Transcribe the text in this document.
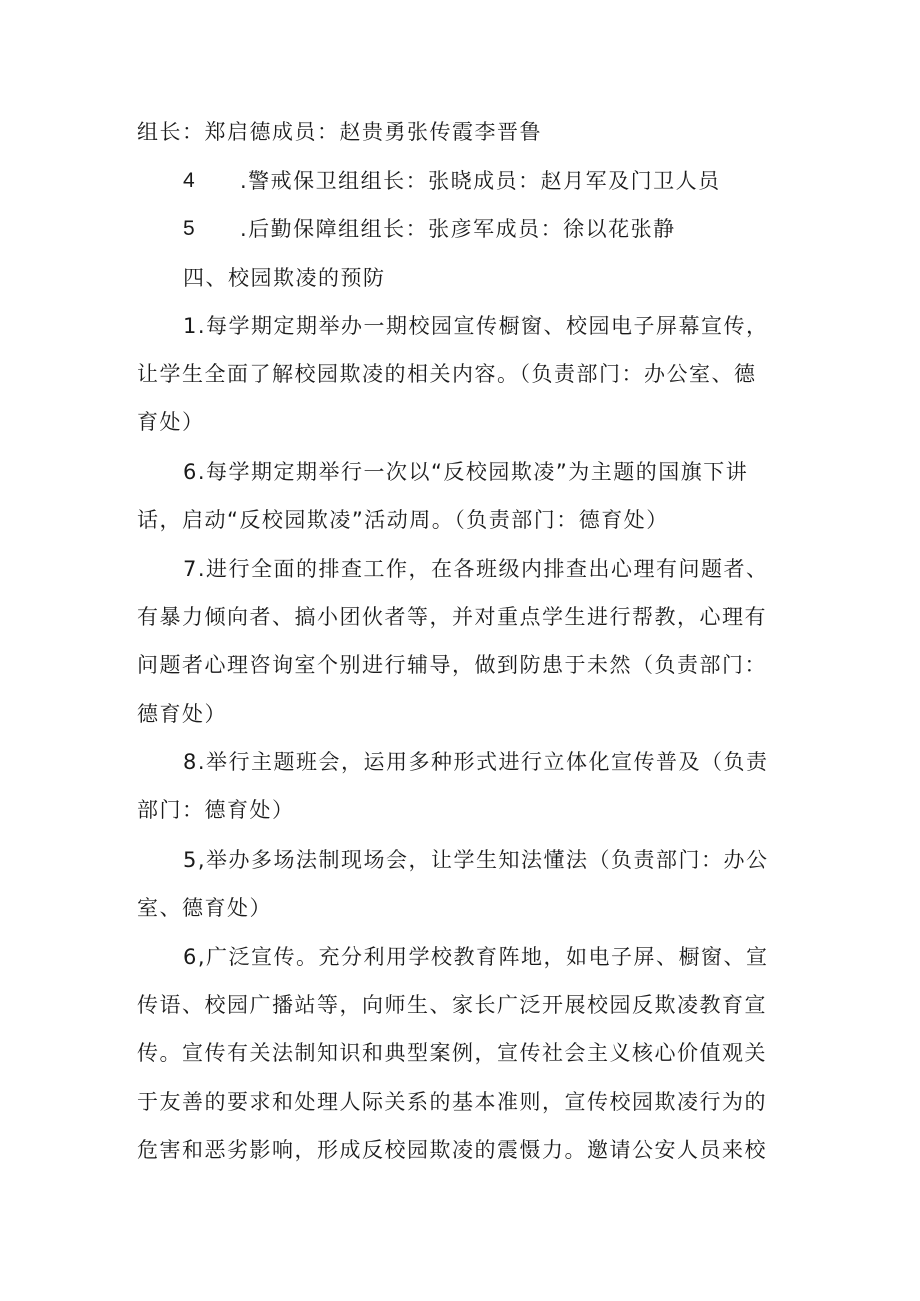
组长：郑启德成员：赵贵勇张传霞李晋鲁
4 .警戒保卫组组长：张晓成员：赵月军及门卫人员
5 .后勤保障组组长：张彦军成员：徐以花张静
四、校园欺凌的预防
1.每学期定期举办一期校园宣传橱窗、校园电子屏幕宣传，
让学生全面了解校园欺凌的相关内容。（负责部门：办公室、德
育处）
6.每学期定期举行一次以“反校园欺凌”为主题的国旗下讲
话，启动“反校园欺凌”活动周。（负责部门：德育处）
7.进行全面的排查工作，在各班级内排查出心理有问题者、
有暴力倾向者、搞小团伙者等，并对重点学生进行帮教，心理有
问题者心理咨询室个别进行辅导，做到防患于未然（负责部门：
德育处）
8.举行主题班会，运用多种形式进行立体化宣传普及（负责
部门：德育处）
5,举办多场法制现场会，让学生知法懂法（负责部门：办公
室、德育处）
6,广泛宣传。充分利用学校教育阵地，如电子屏、橱窗、宣
传语、校园广播站等，向师生、家长广泛开展校园反欺凌教育宣
传。宣传有关法制知识和典型案例，宣传社会主义核心价值观关
于友善的要求和处理人际关系的基本准则，宣传校园欺凌行为的
危害和恶劣影响，形成反校园欺凌的震慑力。邀请公安人员来校
